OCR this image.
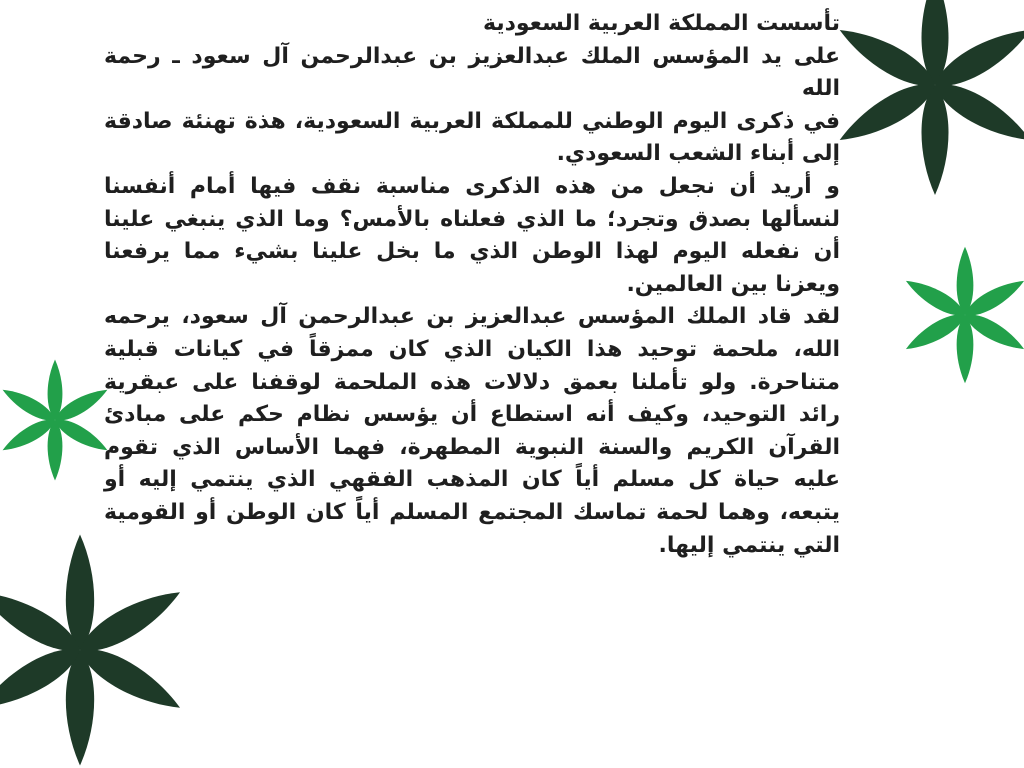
تأسست المملكة العربية السعودية

على يد المؤسس الملك عبدالعزيز بن عبدالرحمن آل سعود ـ رحمة الله

في ذكرى اليوم الوطني للمملكة العربية السعودية، هذة تهنئة صادقة إلى أبناء الشعب السعودي.

و أريد أن نجعل من هذه الذكرى مناسبة نقف فيها أمام أنفسنا لنسألها بصدق وتجرد؛ ما الذي فعلناه بالأمس؟ وما الذي ينبغي علينا أن نفعله اليوم لهذا الوطن الذي ما بخل علينا بشيء مما يرفعنا ويعزنا بين العالمين.

لقد قاد الملك المؤسس عبدالعزيز بن عبدالرحمن آل سعود، يرحمه الله، ملحمة توحيد هذا الكيان الذي كان ممزقاً في كيانات قبلية متناحرة. ولو تأملنا بعمق دلالات هذه الملحمة لوقفنا على عبقرية رائد التوحيد، وكيف أنه استطاع أن يؤسس نظام حكم على مبادئ القرآن الكريم والسنة النبوية المطهرة، فهما الأساس الذي تقوم عليه حياة كل مسلم أياً كان المذهب الفقهي الذي ينتمي إليه أو يتبعه، وهما لحمة تماسك المجتمع المسلم أياً كان الوطن أو القومية التي ينتمي إليها.
